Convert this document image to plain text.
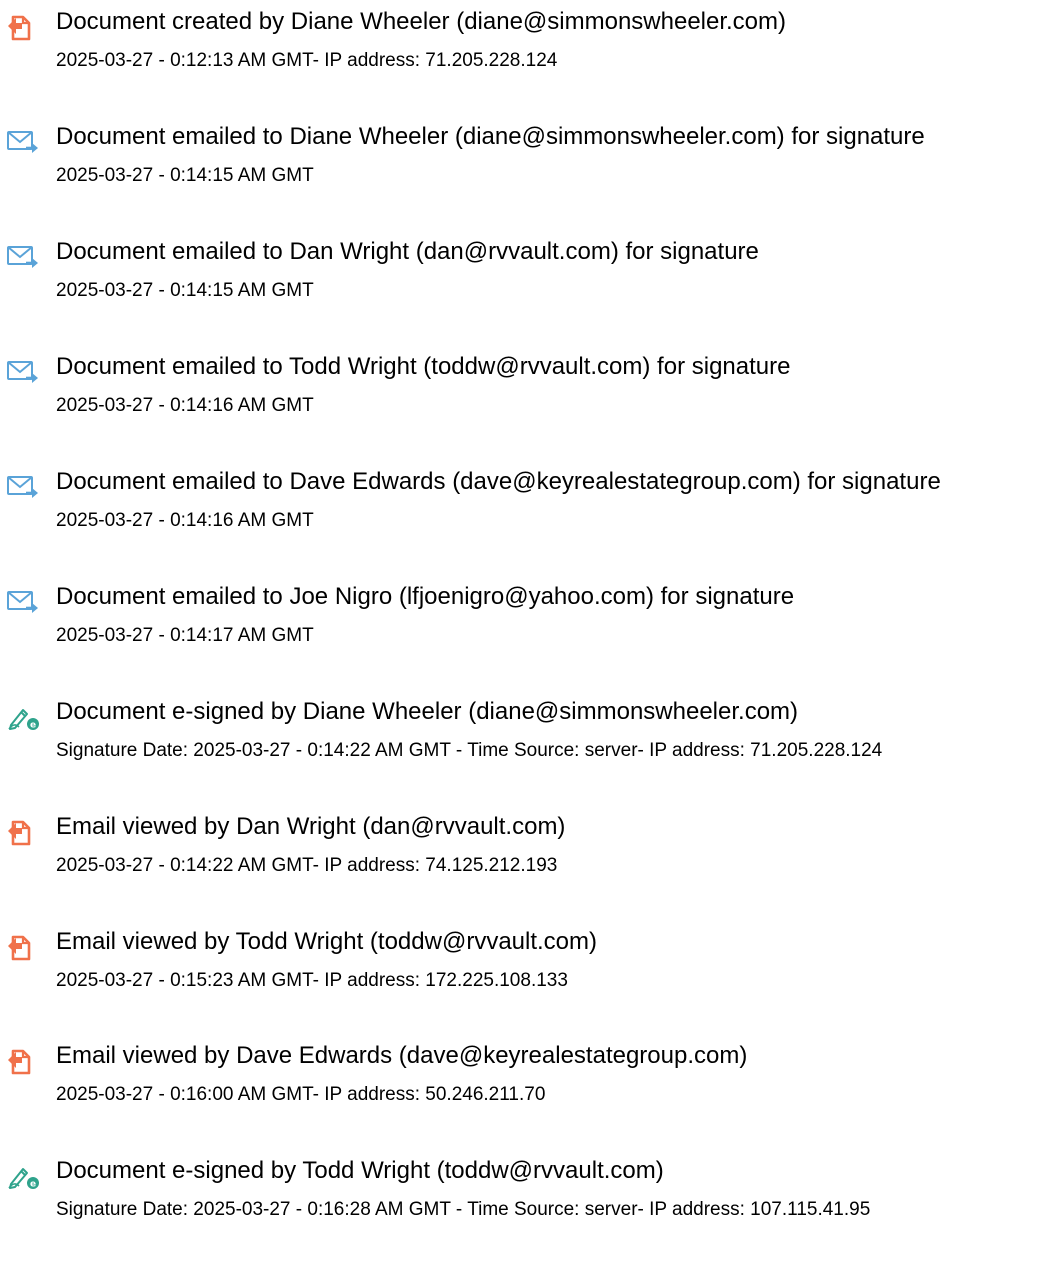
Document created by Diane Wheeler (diane@simmonswheeler.com)
2025-03-27 - 0:12:13 AM GMT- IP address: 71.205.228.124
Document emailed to Diane Wheeler (diane@simmonswheeler.com) for signature
2025-03-27 - 0:14:15 AM GMT
Document emailed to Dan Wright (dan@rvvault.com) for signature
2025-03-27 - 0:14:15 AM GMT
Document emailed to Todd Wright (toddw@rvvault.com) for signature
2025-03-27 - 0:14:16 AM GMT
Document emailed to Dave Edwards (dave@keyrealestategroup.com) for signature
2025-03-27 - 0:14:16 AM GMT
Document emailed to Joe Nigro (lfjoenigro@yahoo.com) for signature
2025-03-27 - 0:14:17 AM GMT
e
Document e-signed by Diane Wheeler (diane@simmonswheeler.com)
Signature Date: 2025-03-27 - 0:14:22 AM GMT - Time Source: server- IP address: 71.205.228.124
Email viewed by Dan Wright (dan@rvvault.com)
2025-03-27 - 0:14:22 AM GMT- IP address: 74.125.212.193
Email viewed by Todd Wright (toddw@rvvault.com)
2025-03-27 - 0:15:23 AM GMT- IP address: 172.225.108.133
Email viewed by Dave Edwards (dave@keyrealestategroup.com)
2025-03-27 - 0:16:00 AM GMT- IP address: 50.246.211.70
e
Document e-signed by Todd Wright (toddw@rvvault.com)
Signature Date: 2025-03-27 - 0:16:28 AM GMT - Time Source: server- IP address: 107.115.41.95
